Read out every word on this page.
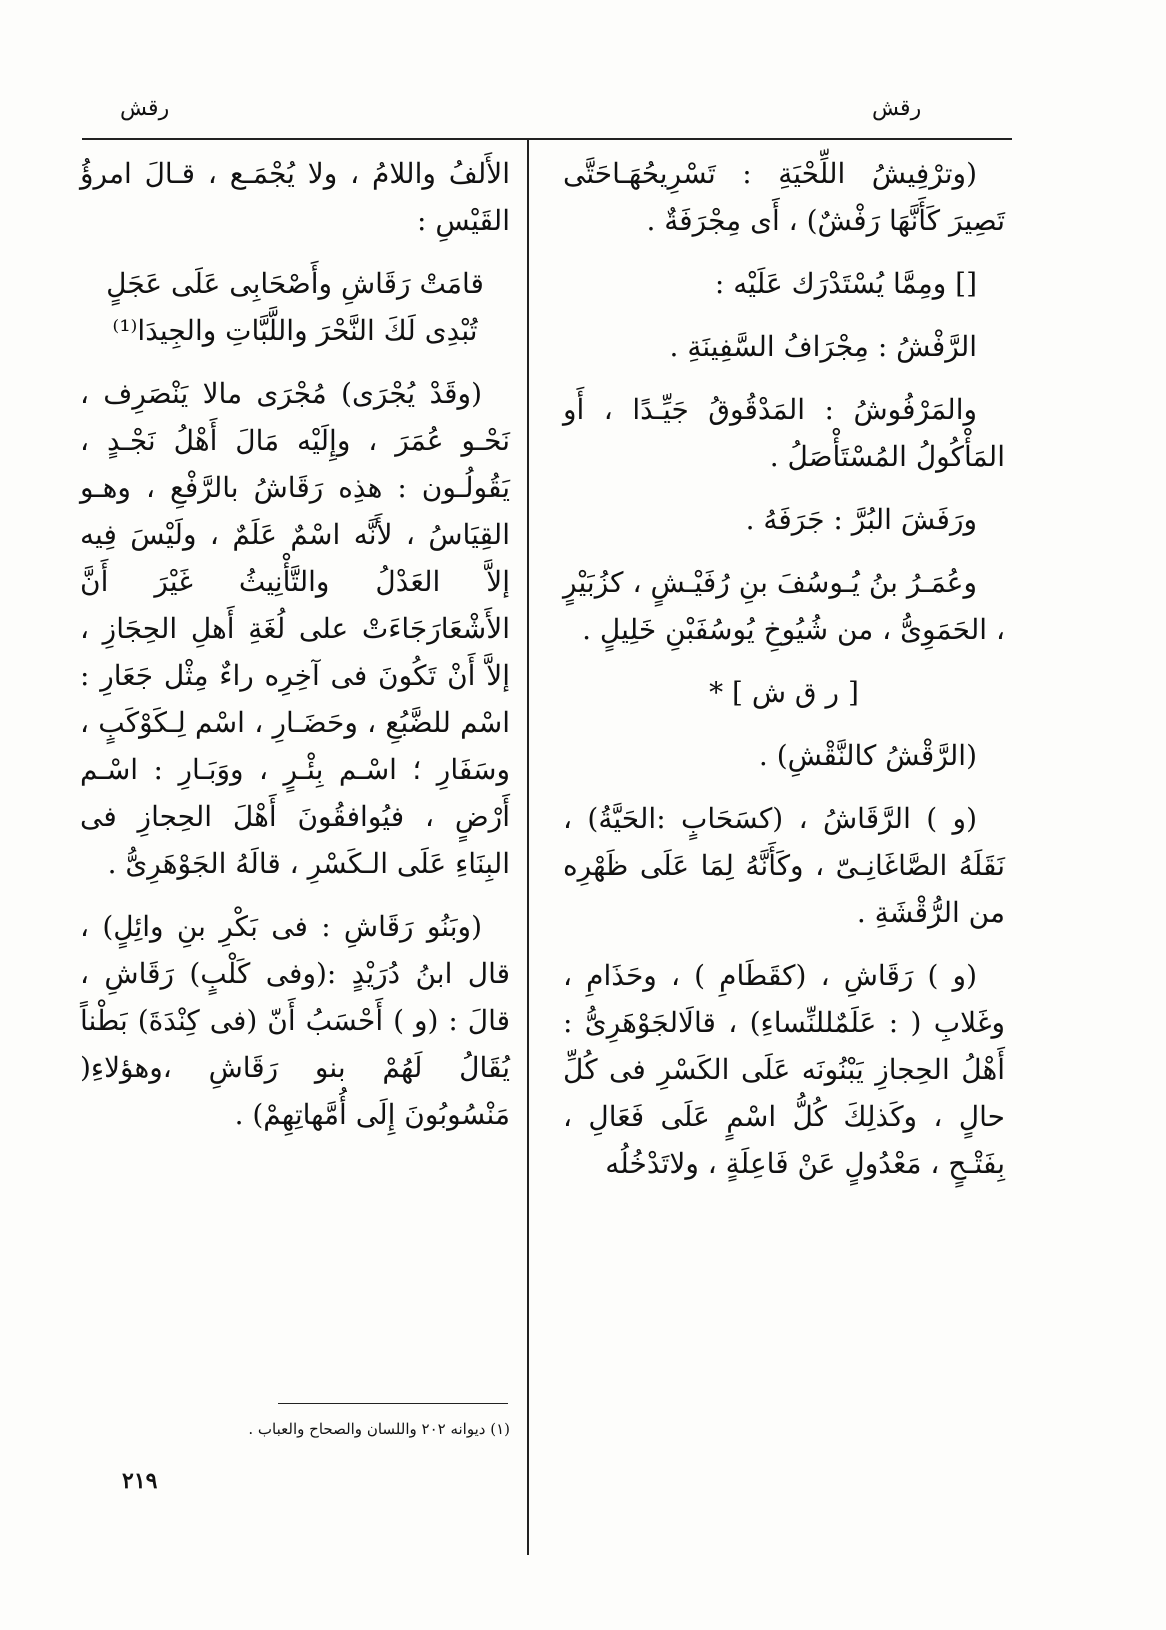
رقش
رقش

(وترْفِيشُ اللِّحْيَةِ : تَسْرِيحُهَـاحَتَّى تَصِيرَ كَأَنَّهَا رَفْشٌ) ، أَى مِجْرَفَةٌ .

[] ومِمَّا يُسْتَدْرَك عَلَيْه :

الرَّفْشُ : مِجْرَافُ السَّفِينَةِ .

والمَرْفُوشُ : المَدْقُوقُ جَيِّـدًا ، أَو المَأْكُولُ المُسْتَأْصَلُ .

ورَفَشَ البُرَّ : جَرَفَهُ .

وعُمَـرُ بنُ يُـوسُفَ بنِ رُفَيْـشٍ ، كزُبَيْرٍ ، الحَمَوِىُّ ، من شُيُوخِ يُوسُفَبْنِ خَلِيلٍ .

[ ر ق ش ] *

(الرَّقْشُ كالنَّقْشِ) .

(و ) الرَّقَاشُ ، (كسَحَابٍ :الحَيَّةُ) ، نَقَلَهُ الصَّاغَانِـىّ ، وكَأَنَّهُ لِمَا عَلَى ظَهْرِه من الرُّقْشَةِ .

(و ) رَقَاشِ ، (كقَطَامِ ) ، وحَذَامِ ، وغَلابِ ( : عَلَمٌللنِّساءِ) ، قالَالجَوْهَرِىُّ : أَهْلُ الحِجازِ يَبْنُونَه عَلَى الكَسْرِ فى كُلِّ حالٍ ، وكَذلِكَ كُلُّ اسْمٍ عَلَى فَعَالِ ، بِفَتْـحٍ ، مَعْدُولٍ عَنْ فَاعِلَةٍ ، ولاتَدْخُلُه

الأَلفُ واللامُ ، ولا يُجْمَـع ، قـالَ امرؤُ القَيْسِ :

قامَتْ رَقَاشِ وأَصْحَابِى عَلَى عَجَلٍ
تُبْدِى لَكَ النَّحْرَ واللَّبَّاتِ والجِيدَا⁽¹⁾

(وقَدْ يُجْرَى) مُجْرَى مالا يَنْصَرِف ، نَحْـو عُمَرَ ، وإِلَيْه مَالَ أَهْلُ نَجْـدٍ ، يَقُولُـون : هذِه رَقَاشُ بالرَّفْعِ ، وهـو القِيَاسُ ، لأَنَّه اسْمٌ عَلَمٌ ، ولَيْسَ فِيه إلاَّ العَدْلُ والتَّأْنِيثُ غَيْرَ أَنَّ الأَشْعَارَجَاءَتْ على لُغَةِ أَهلِ الحِجَازِ ، إلاَّ أَنْ تَكُونَ فى آخِرِه راءٌ مِثْل جَعَارِ : اسْم للضَّبُعِ ، وحَضَـارِ ، اسْم لِـكَوْكَبٍ ، وسَفَارِ ؛ اسْـم بِئْـرٍ ، ووَبَـارِ : اسْـم أَرْضٍ ، فيُوافقُونَ أَهْلَ الحِجازِ فى البِنَاءِ عَلَى الـكَسْرِ ، قالَهُ الجَوْهَرِىُّ .

(وبَنُو رَقَاشِ : فى بَكْرِ بنِ وائِلٍ) ، قال ابنُ دُرَيْدٍ :(وفى كَلْبٍ) رَقَاشِ ، قالَ : (و ) أَحْسَبُ أَنّ (فى كِنْدَةَ) بَطْناً يُقَالُ لَهُمْ بنو رَقَاشِ ،وهؤلاءِ( مَنْسُوبُونَ إِلَى أُمَّهاتِهِمْ) .

(١) ديوانه ٢٠٢ واللسان والصحاح والعباب .
٢١٩
